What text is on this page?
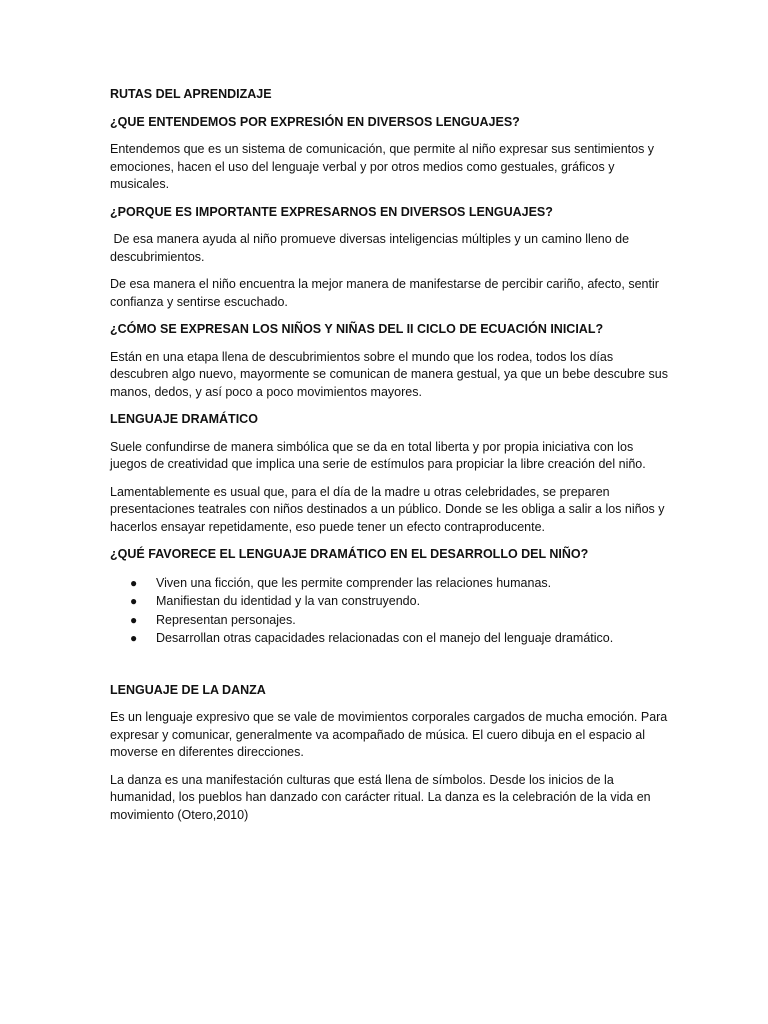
RUTAS DEL APRENDIZAJE
¿QUE ENTENDEMOS POR EXPRESIÓN EN DIVERSOS LENGUAJES?

Entendemos que es un sistema de comunicación, que permite al niño expresar sus sentimientos y emociones, hacen el uso del lenguaje verbal y por otros medios como gestuales, gráficos y musicales.

¿PORQUE ES IMPORTANTE EXPRESARNOS EN DIVERSOS LENGUAJES?

De esa manera ayuda al niño promueve diversas inteligencias múltiples y un camino lleno de descubrimientos.

De esa manera el niño encuentra la mejor manera de manifestarse de percibir cariño, afecto, sentir confianza y sentirse escuchado.

¿CÓMO SE EXPRESAN LOS NIÑOS Y NIÑAS DEL II CICLO DE ECUACIÓN INICIAL?

Están en una etapa llena de descubrimientos sobre el mundo que los rodea, todos los días descubren algo nuevo, mayormente se comunican de manera gestual, ya que un bebe descubre sus manos, dedos, y así poco a poco movimientos mayores.

LENGUAJE DRAMÁTICO

Suele confundirse de manera simbólica que se da en total liberta y por propia iniciativa con los juegos de creatividad que implica una serie de estímulos para propiciar la libre creación del niño.

Lamentablemente es usual que, para el día de la madre u otras celebridades, se preparen presentaciones teatrales con niños destinados a un público. Donde se les obliga a salir a los niños y hacerlos ensayar repetidamente, eso puede tener un efecto contraproducente.

¿QUÉ FAVORECE EL LENGUAJE DRAMÁTICO EN EL DESARROLLO DEL NIÑO?
● Viven una ficción, que les permite comprender las relaciones humanas.
● Manifiestan du identidad y la van construyendo.
● Representan personajes.
● Desarrollan otras capacidades relacionadas con el manejo del lenguaje dramático.
LENGUAJE DE LA DANZA

Es un lenguaje expresivo que se vale de movimientos corporales cargados de mucha emoción. Para expresar y comunicar, generalmente va acompañado de música. El cuero dibuja en el espacio al moverse en diferentes direcciones.

La danza es una manifestación culturas que está llena de símbolos. Desde los inicios de la humanidad, los pueblos han danzado con carácter ritual. La danza es la celebración de la vida en movimiento (Otero,2010)
